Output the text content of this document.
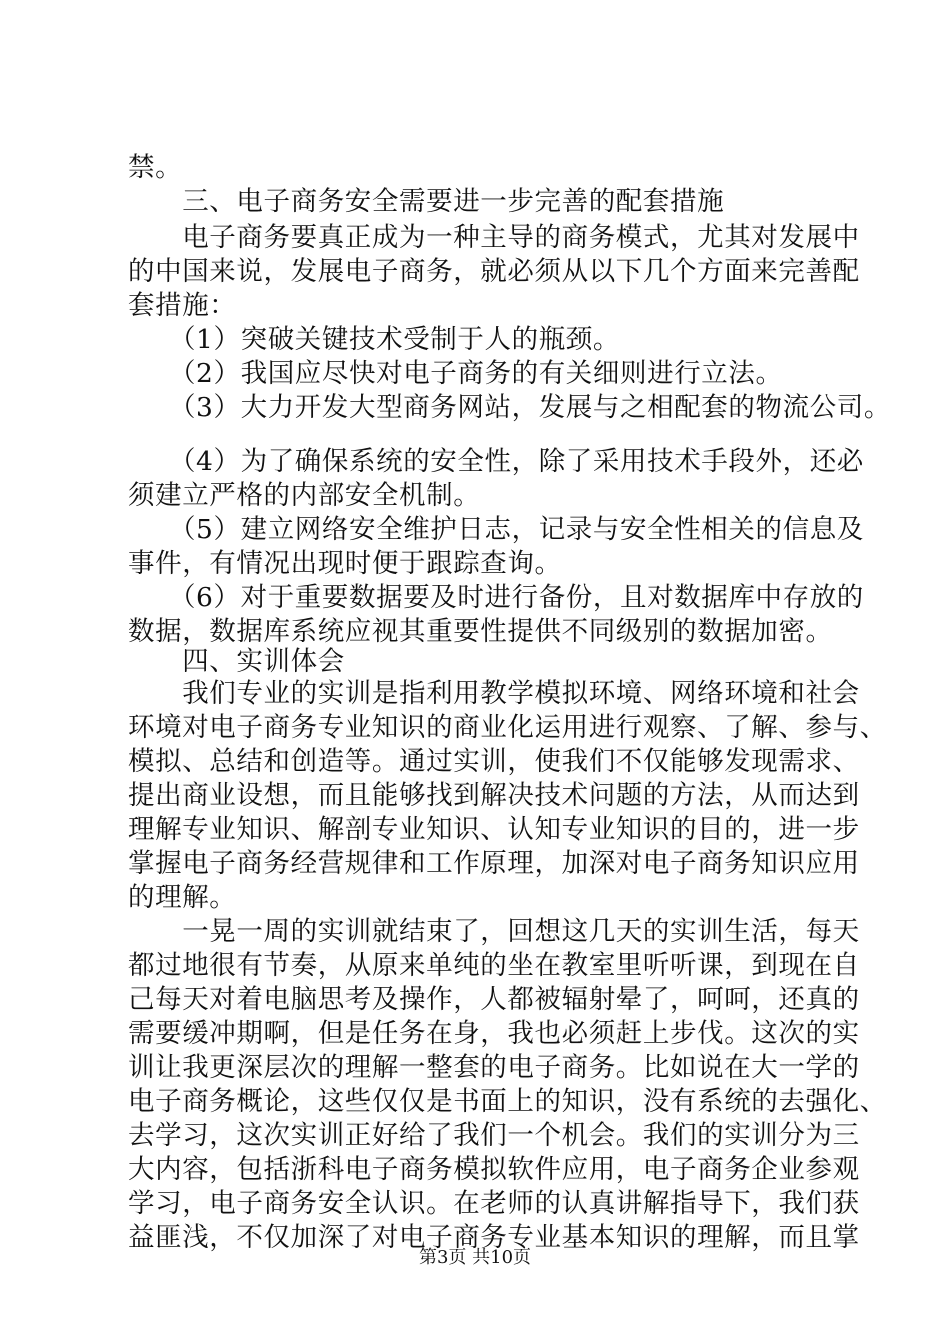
禁。
　　三、电子商务安全需要进一步完善的配套措施
　　电子商务要真正成为一种主导的商务模式，尤其对发展中
的中国来说，发展电子商务，就必须从以下几个方面来完善配
套措施：
　　（1）突破关键技术受制于人的瓶颈。
　　（2）我国应尽快对电子商务的有关细则进行立法。
　　（3）大力开发大型商务网站，发展与之相配套的物流公司。
　　（4）为了确保系统的安全性，除了采用技术手段外，还必
须建立严格的内部安全机制。
　　（5）建立网络安全维护日志，记录与安全性相关的信息及
事件，有情况出现时便于跟踪查询。
　　（6）对于重要数据要及时进行备份，且对数据库中存放的
数据，数据库系统应视其重要性提供不同级别的数据加密。
　　四、实训体会
　　我们专业的实训是指利用教学模拟环境、网络环境和社会
环境对电子商务专业知识的商业化运用进行观察、了解、参与、
模拟、总结和创造等。通过实训，使我们不仅能够发现需求、
提出商业设想，而且能够找到解决技术问题的方法，从而达到
理解专业知识、解剖专业知识、认知专业知识的目的，进一步
掌握电子商务经营规律和工作原理，加深对电子商务知识应用
的理解。
　　一晃一周的实训就结束了，回想这几天的实训生活，每天
都过地很有节奏，从原来单纯的坐在教室里听听课，到现在自
己每天对着电脑思考及操作，人都被辐射晕了，呵呵，还真的
需要缓冲期啊，但是任务在身，我也必须赶上步伐。这次的实
训让我更深层次的理解一整套的电子商务。比如说在大一学的
电子商务概论，这些仅仅是书面上的知识，没有系统的去强化、
去学习，这次实训正好给了我们一个机会。我们的实训分为三
大内容，包括浙科电子商务模拟软件应用，电子商务企业参观
学习，电子商务安全认识。在老师的认真讲解指导下，我们获
益匪浅，不仅加深了对电子商务专业基本知识的理解，而且掌
第3页 共10页
